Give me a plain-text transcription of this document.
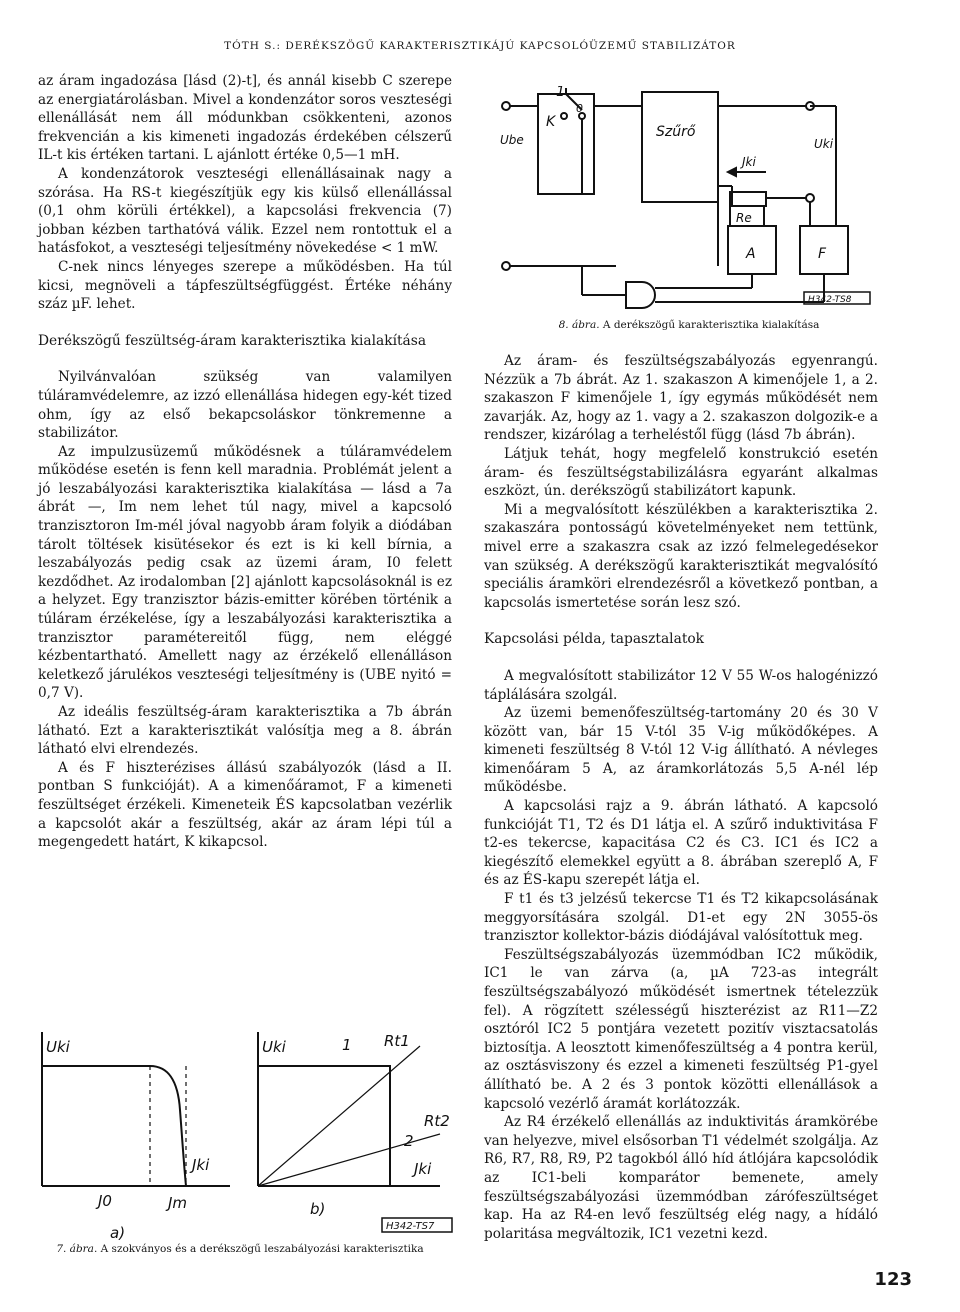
TÓTH S.: DERÉKSZÖGŰ KARAKTERISZTIKÁJÚ KAPCSOLÓÜZEMŰ STABILIZÁTOR

az áram ingadozása [lásd (2)-t], és annál kisebb C szerepe az energiatárolásban. Mivel a kondenzátor soros veszteségi ellenállását nem áll módunkban csökkenteni, azonos frekvencián a kis kimeneti ingadozás érdekében célszerű IL-t kis értéken tartani. L ajánlott értéke 0,5—1 mH.

A kondenzátorok veszteségi ellenállásainak nagy a szórása. Ha RS-t kiegészítjük egy kis külső ellenállással (0,1 ohm körüli értékkel), a kapcsolási frekvencia (7) jobban kézben tarthatóvá válik. Ezzel nem rontottuk el a hatásfokot, a veszteségi teljesítmény növekedése < 1 mW.

C-nek nincs lényeges szerepe a működésben. Ha túl kicsi, megnöveli a tápfeszültségfüggést. Értéke néhány száz µF. lehet.

Derékszögű feszültség-áram karakterisztika kialakítása

Nyilvánvalóan szükség van valamilyen túláramvédelemre, az izzó ellenállása hidegen egy-két tized ohm, így az első bekapcsoláskor tönkremenne a stabilizátor.

Az impulzusüzemű működésnek a túláramvédelem működése esetén is fenn kell maradnia. Problémát jelent a jó leszabályozási karakterisztika kialakítása — lásd a 7a ábrát —, Im nem lehet túl nagy, mivel a kapcsoló tranzisztoron Im-mél jóval nagyobb áram folyik a diódában tárolt töltések kisütésekor és ezt is ki kell bírnia, a leszabályozás pedig csak az üzemi áram, I0 felett kezdődhet. Az irodalomban [2] ajánlott kapcsolásoknál is ez a helyzet. Egy tranzisztor bázis-emitter körében történik a túláram érzékelése, így a leszabályozási karakterisztika a tranzisztor paramétereitől függ, nem eléggé kézbentartható. Amellett nagy az érzékelő ellenálláson keletkező járulékos veszteségi teljesítmény is (UBE nyitó = 0,7 V).

Az ideális feszültség-áram karakterisztika a 7b ábrán látható. Ezt a karakterisztikát valósítja meg a 8. ábrán látható elvi elrendezés.

A és F hiszterézises állású szabályozók (lásd a II. pontban S funkcióját). A a kimenőáramot, F a kimeneti feszültséget érzékeli. Kimeneteik ÉS kapcsolatban vezérlik a kapcsolót akár a feszültség, akár az áram lépi túl a megengedett határt, K kikapcsol.

1
K
0
Szűrő
Ube	Uki
Jki
Re
A	F
H342-TS8
8. ábra. A derékszögű karakterisztika kialakítása

Az áram- és feszültségszabályozás egyenrangú. Nézzük a 7b ábrát. Az 1. szakaszon A kimenőjele 1, a 2. szakaszon F kimenőjele 1, így egymás működését nem zavarják. Az, hogy az 1. vagy a 2. szakaszon dolgozik-e a rendszer, kizárólag a terheléstől függ (lásd 7b ábrán).

Látjuk tehát, hogy megfelelő konstrukció esetén áram- és feszültségstabilizálásra egyaránt alkalmas eszközt, ún. derékszögű stabilizátort kapunk.

Mi a megvalósított készülékben a karakterisztika 2. szakaszára pontosságú követelményeket nem tettünk, mivel erre a szakaszra csak az izzó felmelegedésekor van szükség. A derékszögű karakterisztikát megvalósító speciális áramköri elrendezésről a következő pontban, a kapcsolás ismertetése során lesz szó.

Kapcsolási példa, tapasztalatok

A megvalósított stabilizátor 12 V 55 W-os halogénizzó táplálására szolgál.

Az üzemi bemenőfeszültség-tartomány 20 és 30 V között van, bár 15 V-tól 35 V-ig működőképes. A kimeneti feszültség 8 V-tól 12 V-ig állítható. A névleges kimenőáram 5 A, az áramkorlátozás 5,5 A-nél lép működésbe.

A kapcsolási rajz a 9. ábrán látható. A kapcsoló funkcióját T1, T2 és D1 látja el. A szűrő induktivitása F t2-es tekercse, kapacitása C2 és C3. IC1 és IC2 a kiegészítő elemekkel együtt a 8. ábrában szereplő A, F és az ÉS-kapu szerepét látja el.

F t1 és t3 jelzésű tekercse T1 és T2 kikapcsolásának meggyorsítására szolgál. D1-et egy 2N 3055-ös tranzisztor kollektor-bázis diódájával valósítottuk meg.

Feszültségszabályozás üzemmódban IC2 működik, IC1 le van zárva (a, µA 723-as integrált feszültségszabályozó működését ismertnek tételezzük fel). A rögzített szélességű hiszterézist az R11—Z2 osztóról IC2 5 pontjára vezetett pozitív visztacsatolás biztosítja. A leosztott kimenőfeszültség a 4 pontra kerül, az osztásviszony és ezzel a kimeneti feszültség P1-gyel állítható be. A 2 és 3 pontok közötti ellenállások a kapcsoló vezérlő áramát korlátozzák.

Az R4 érzékelő ellenállás az induktivitás áramkörébe van helyezve, mivel elsősorban T1 védelmét szolgálja. Az R6, R7, R8, R9, P2 tagokból álló híd átlójára kapcsolódik az IC1-beli komparátor bemenete, amely feszültségszabályozási üzemmódban zárófeszültséget kap. Ha az R4-en levő feszültség elég nagy, a hídáló polaritása megváltozik, IC1 vezetni kezd.

Uki
Jki
J0	Jm
a)
Uki	1 Rt1
Rt2
2
Jki
b)
H342-TS7
7. ábra. A szokványos és a derékszögű leszabályozási karakterisztika
123
